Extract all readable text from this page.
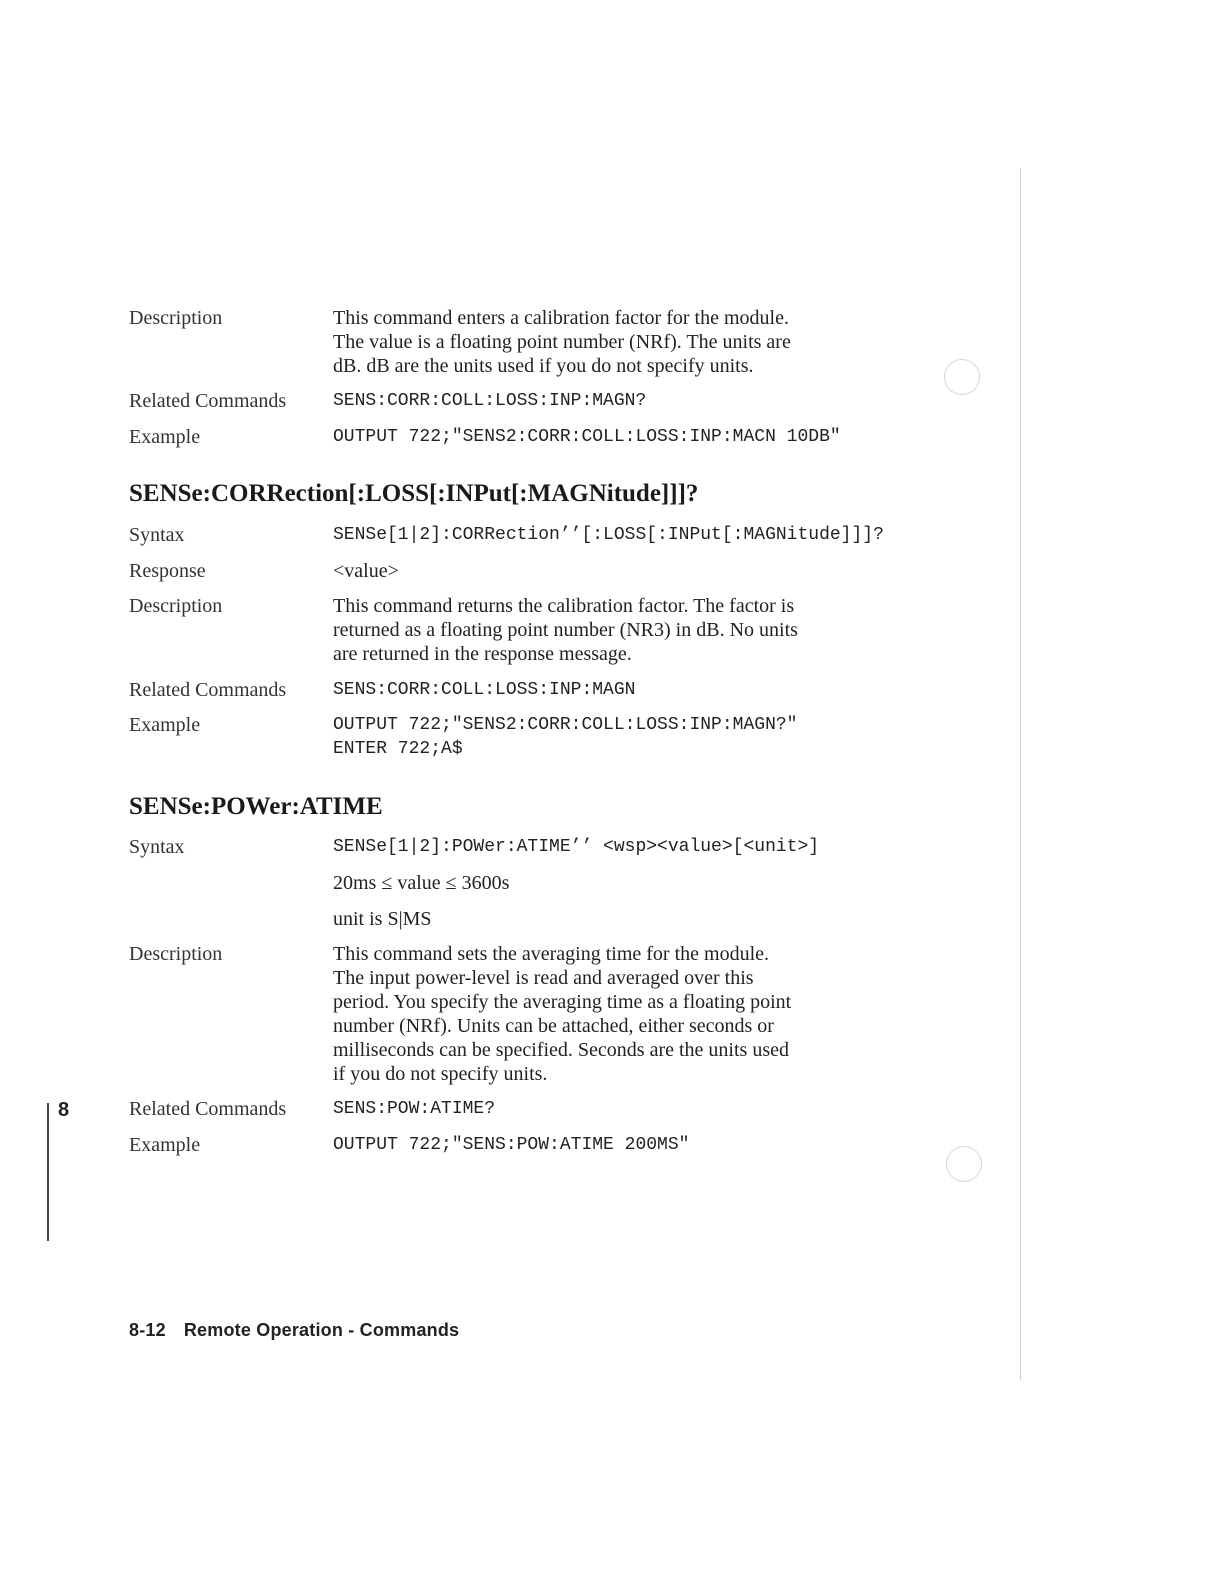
Description	This command enters a calibration factor for the module.
The value is a floating point number (NRf). The units are
dB. dB are the units used if you do not specify units.
Related Commands	SENS:CORR:COLL:LOSS:INP:MAGN?
Example	OUTPUT 722;"SENS2:CORR:COLL:LOSS:INP:MACN 10DB"
SENSe:CORRection[:LOSS[:INPut[:MAGNitude]]]?
Syntax	SENSe[1|2]:CORRection’’[:LOSS[:INPut[:MAGNitude]]]?
Response	<value>
Description	This command returns the calibration factor. The factor is
returned as a floating point number (NR3) in dB. No units
are returned in the response message.
Related Commands	SENS:CORR:COLL:LOSS:INP:MAGN
Example	OUTPUT 722;"SENS2:CORR:COLL:LOSS:INP:MAGN?"
ENTER 722;A$
SENSe:POWer:ATIME
Syntax	SENSe[1|2]:POWer:ATIME’’ <wsp><value>[<unit>]
20ms ≤ value ≤ 3600s
unit is S|MS
Description	This command sets the averaging time for the module.
The input power-level is read and averaged over this
period. You specify the averaging time as a floating point
number (NRf). Units can be attached, either seconds or
milliseconds can be specified. Seconds are the units used
if you do not specify units.
Related Commands	SENS:POW:ATIME?
Example	OUTPUT 722;"SENS:POW:ATIME 200MS"
8
8-12 Remote Operation - Commands
